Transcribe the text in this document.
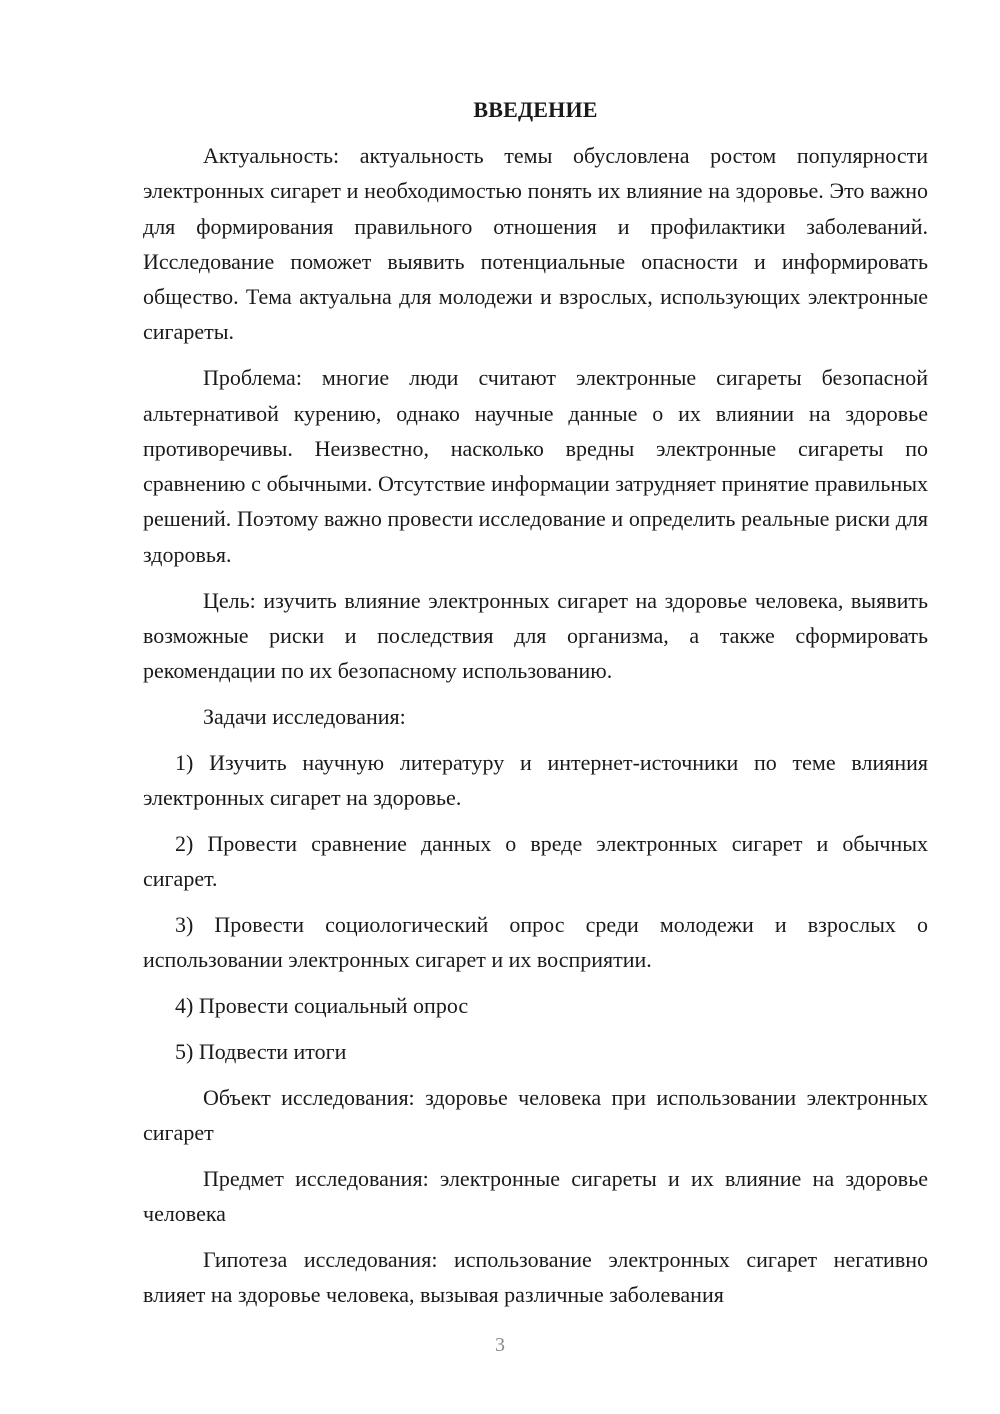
ВВЕДЕНИЕ

Актуальность: актуальность темы обусловлена ростом популярности электронных сигарет и необходимостью понять их влияние на здоровье. Это важно для формирования правильного отношения и профилактики заболеваний. Исследование поможет выявить потенциальные опасности и информировать общество. Тема актуальна для молодежи и взрослых, использующих электронные сигареты.

Проблема: многие люди считают электронные сигареты безопасной альтернативой курению, однако научные данные о их влиянии на здоровье противоречивы. Неизвестно, насколько вредны электронные сигареты по сравнению с обычными. Отсутствие информации затрудняет принятие правильных решений. Поэтому важно провести исследование и определить реальные риски для здоровья.

Цель: изучить влияние электронных сигарет на здоровье человека, выявить возможные риски и последствия для организма, а также сформировать рекомендации по их безопасному использованию.

Задачи исследования:

1) Изучить научную литературу и интернет-источники по теме влияния электронных сигарет на здоровье.

2) Провести сравнение данных о вреде электронных сигарет и обычных сигарет.

3) Провести социологический опрос среди молодежи и взрослых о использовании электронных сигарет и их восприятии.

4) Провести социальный опрос

5) Подвести итоги

Объект исследования: здоровье человека при использовании электронных сигарет

Предмет исследования: электронные сигареты и их влияние на здоровье человека

Гипотеза исследования: использование электронных сигарет негативно влияет на здоровье человека, вызывая различные заболевания

3
